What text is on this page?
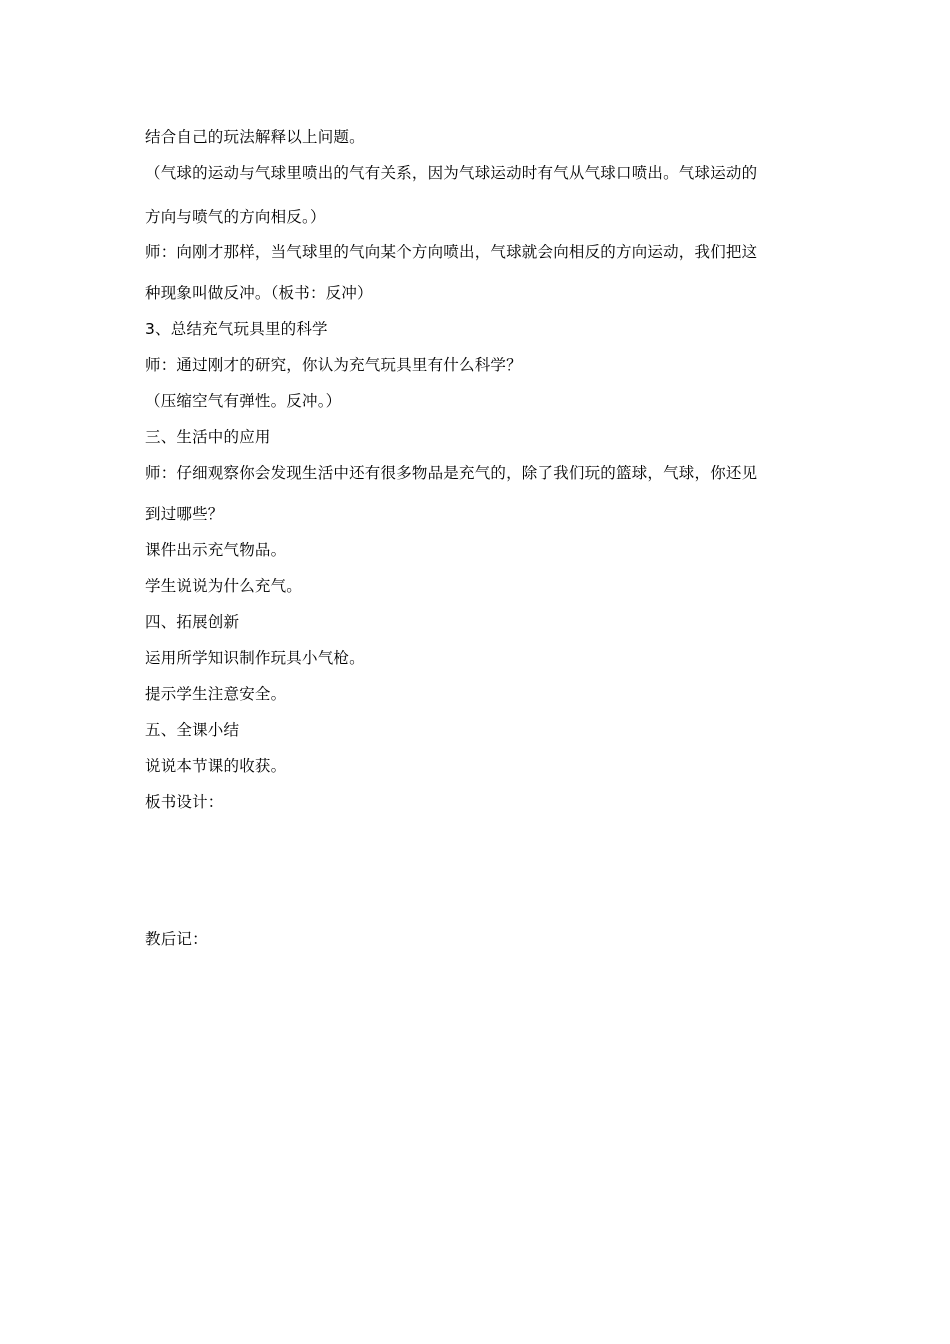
结合自己的玩法解释以上问题。
（气球的运动与气球里喷出的气有关系，因为气球运动时有气从气球口喷出。气球运动的
方向与喷气的方向相反。）
师：向刚才那样，当气球里的气向某个方向喷出，气球就会向相反的方向运动，我们把这
种现象叫做反冲。（板书：反冲）
3、总结充气玩具里的科学
师：通过刚才的研究，你认为充气玩具里有什么科学？
（压缩空气有弹性。反冲。）
三、生活中的应用
师：仔细观察你会发现生活中还有很多物品是充气的，除了我们玩的篮球，气球，你还见
到过哪些？
课件出示充气物品。
学生说说为什么充气。
四、拓展创新
运用所学知识制作玩具小气枪。
提示学生注意安全。
五、全课小结
说说本节课的收获。
板书设计：
教后记：
